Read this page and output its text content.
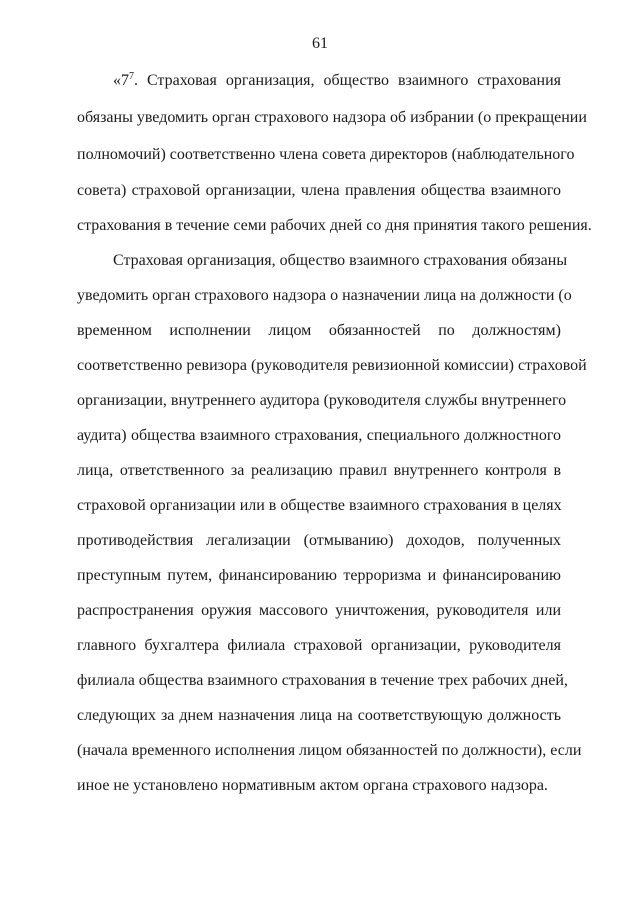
61
«$7^7$. Страховая организация, общество взаимного страхования
обязаны уведомить орган страхового надзора об избрании (о прекращении
полномочий) соответственно члена совета директоров (наблюдательного
совета) страховой организации, члена правления общества взаимного
страхования в течение семи рабочих дней со дня принятия такого решения.
Страховая организация, общество взаимного страхования обязаны
уведомить орган страхового надзора о назначении лица на должности (о
временном исполнении лицом обязанностей по должностям)
соответственно ревизора (руководителя ревизионной комиссии) страховой
организации, внутреннего аудитора (руководителя службы внутреннего
аудита) общества взаимного страхования, специального должностного
лица, ответственного за реализацию правил внутреннего контроля в
страховой организации или в обществе взаимного страхования в целях
противодействия легализации (отмыванию) доходов, полученных
преступным путем, финансированию терроризма и финансированию
распространения оружия массового уничтожения, руководителя или
главного бухгалтера филиала страховой организации, руководителя
филиала общества взаимного страхования в течение трех рабочих дней,
следующих за днем назначения лица на соответствующую должность
(начала временного исполнения лицом обязанностей по должности), если
иное не установлено нормативным актом органа страхового надзора.
